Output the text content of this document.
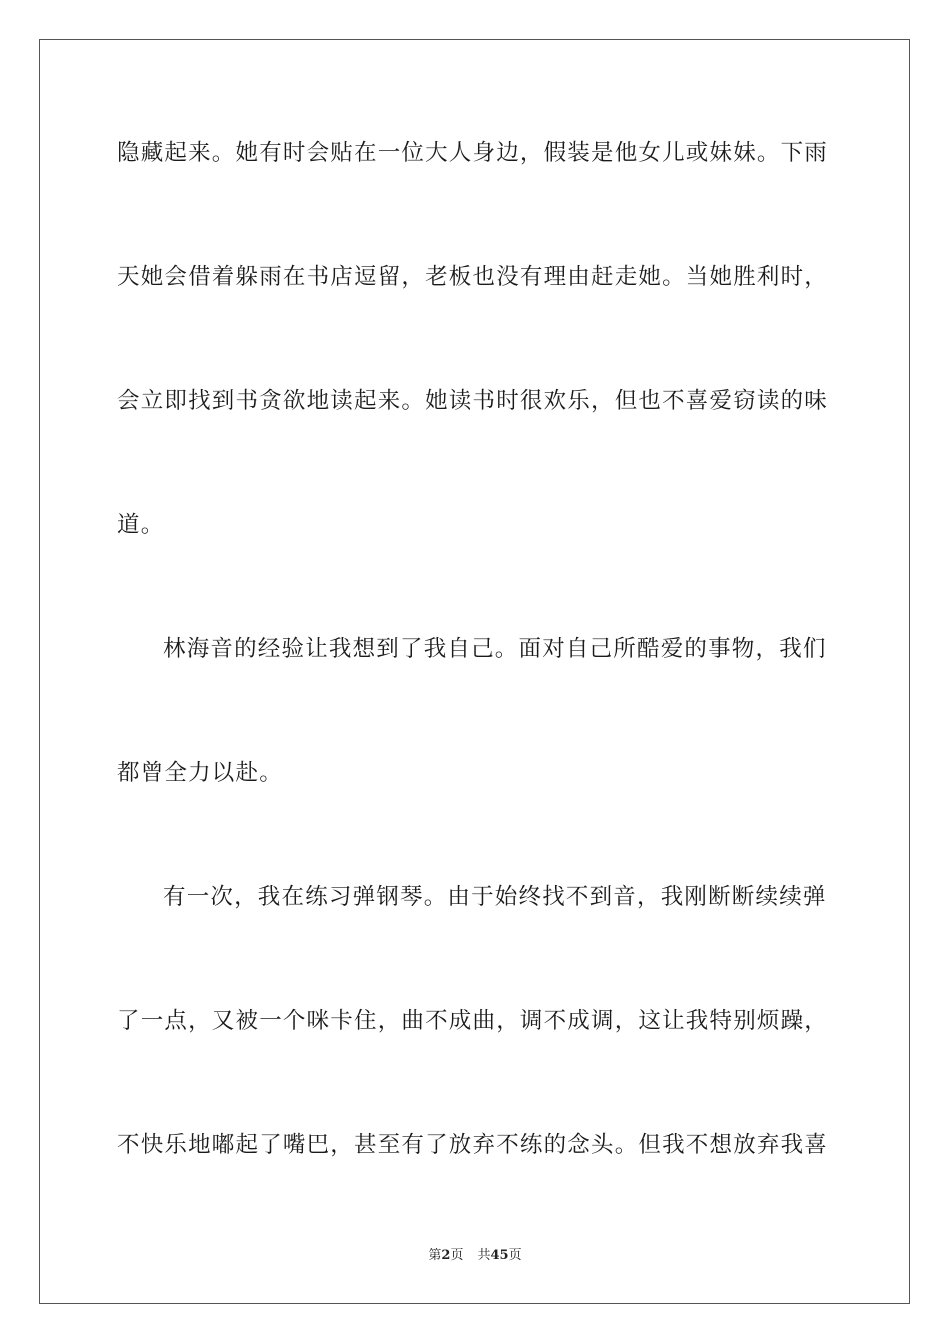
隐藏起来。她有时会贴在一位大人身边，假装是他女儿或妹妹。下雨
天她会借着躲雨在书店逗留，老板也没有理由赶走她。当她胜利时，
会立即找到书贪欲地读起来。她读书时很欢乐，但也不喜爱窃读的味
道。
林海音的经验让我想到了我自己。面对自己所酷爱的事物，我们
都曾全力以赴。
有一次，我在练习弹钢琴。由于始终找不到音，我刚断断续续弹
了一点，又被一个咪卡住，曲不成曲，调不成调，这让我特别烦躁，
不快乐地嘟起了嘴巴，甚至有了放弃不练的念头。但我不想放弃我喜
第2页 共45页
